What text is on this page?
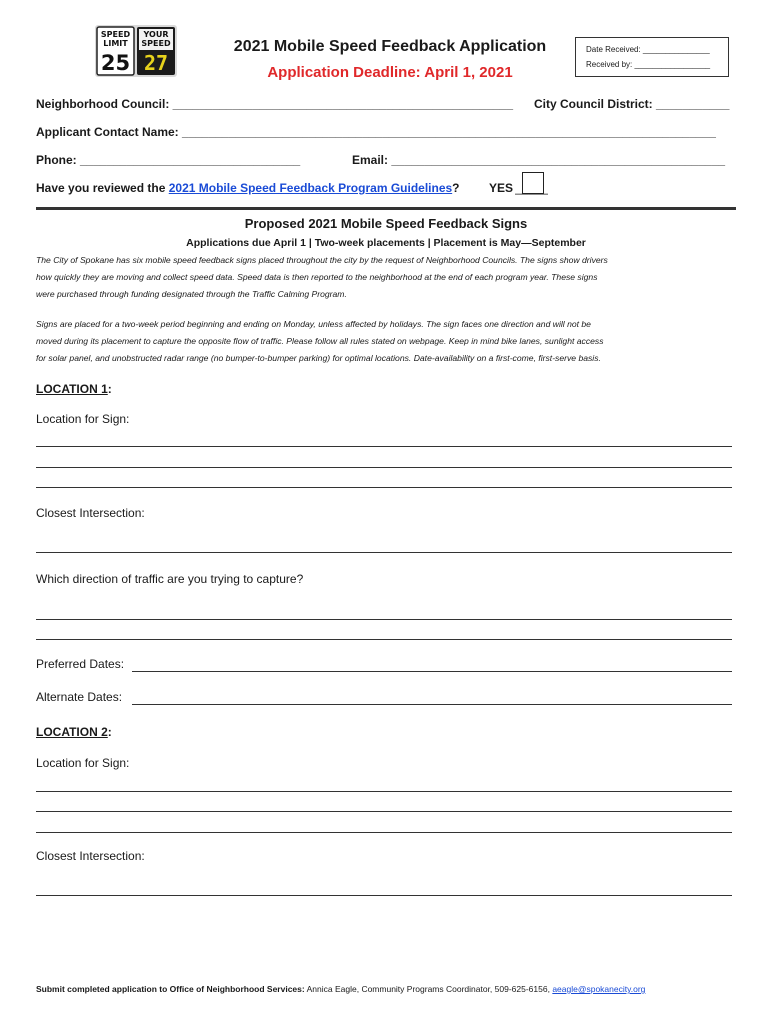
SPEED
LIMIT
25
YOUR
SPEED
27
2021 Mobile Speed Feedback Application
Application Deadline: April 1, 2021
Date Received: _______________
Received by: _________________
Neighborhood Council: ___________________________________________________	City Council District: ___________
Applicant Contact Name: ________________________________________________________________________________
Phone: _________________________________	Email: __________________________________________________
Have you reviewed the 2021 Mobile Speed Feedback Program Guidelines?	YES _____
Proposed 2021 Mobile Speed Feedback Signs
Applications due April 1 | Two-week placements | Placement is May—September
The City of Spokane has six mobile speed feedback signs placed throughout the city by the request of Neighborhood Councils. The signs show drivers
how quickly they are moving and collect speed data. Speed data is then reported to the neighborhood at the end of each program year. These signs
were purchased through funding designated through the Traffic Calming Program.
Signs are placed for a two-week period beginning and ending on Monday, unless affected by holidays. The sign faces one direction and will not be
moved during its placement to capture the opposite flow of traffic. Please follow all rules stated on webpage. Keep in mind bike lanes, sunlight access
for solar panel, and unobstructed radar range (no bumper-to-bumper parking) for optimal locations. Date-availability on a first-come, first-serve basis.
LOCATION 1:
Location for Sign:
Closest Intersection:
Which direction of traffic are you trying to capture?
Preferred Dates:
Alternate Dates:
LOCATION 2:
Location for Sign:
Closest Intersection:
Submit completed application to Office of Neighborhood Services: Annica Eagle, Community Programs Coordinator, 509-625-6156, aeagle@spokanecity.org
